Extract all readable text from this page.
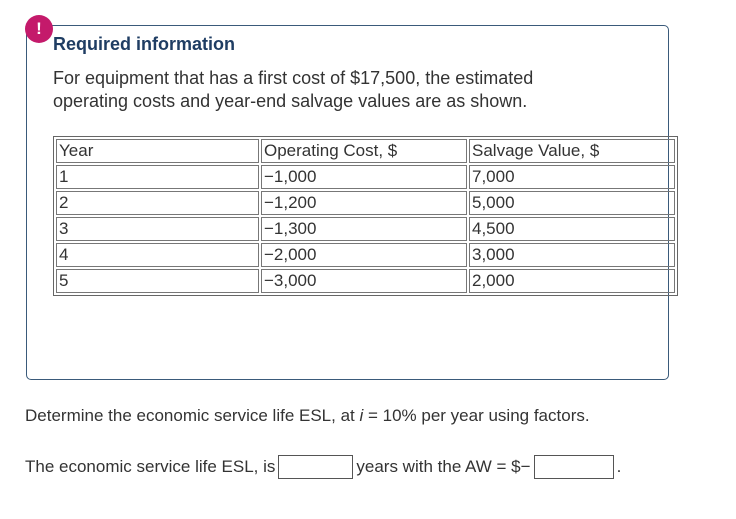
!
Required information

For equipment that has a first cost of $17,500, the estimated operating costs and year-end salvage values are as shown.

Year	Operating Cost, $	Salvage Value, $
1	−1,000	7,000
2	−1,200	5,000
3	−1,300	4,500
4	−2,000	3,000
5	−3,000	2,000

Determine the economic service life ESL, at i = 10% per year using factors.

The economic service life ESL, is	years with the AW = $−	.
